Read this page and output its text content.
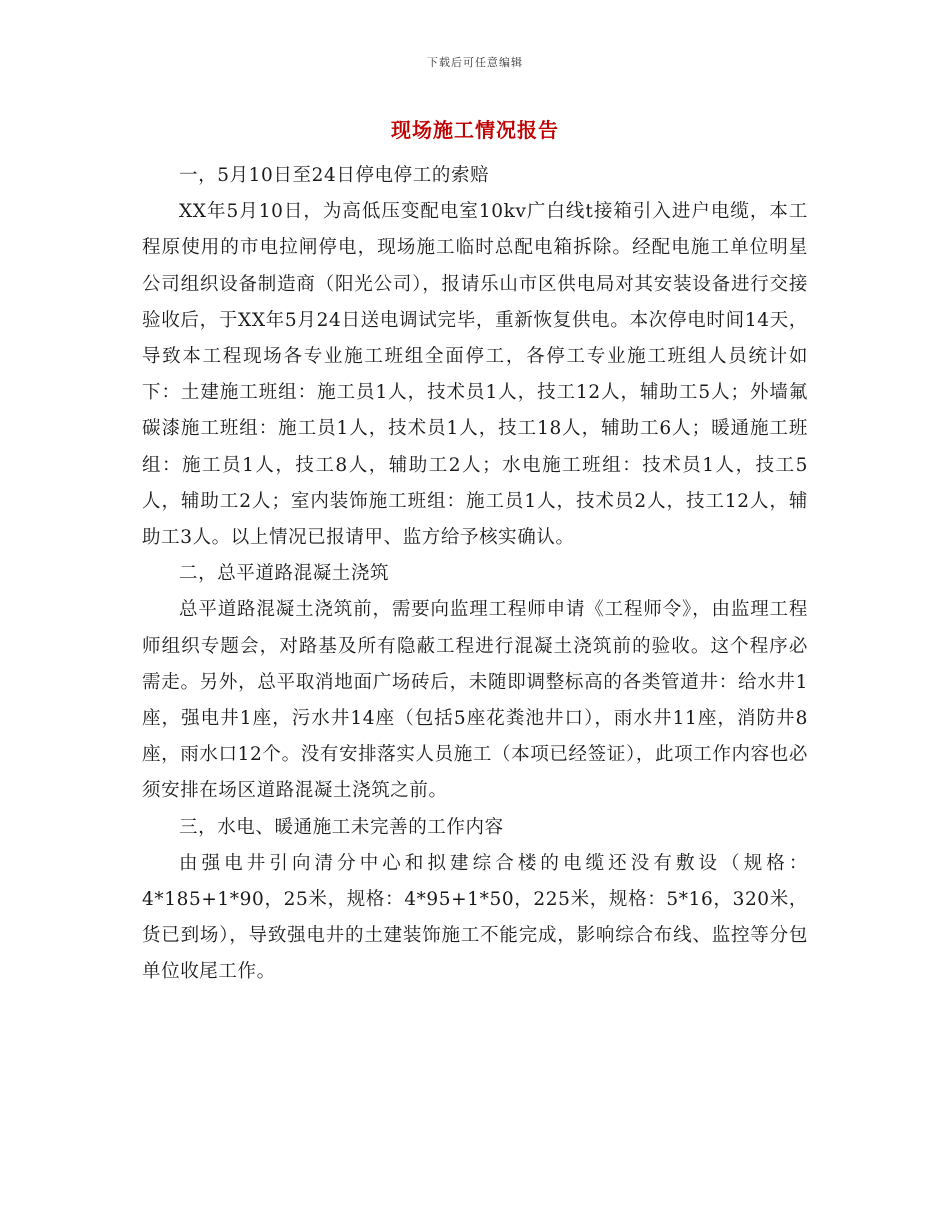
下载后可任意编辑
现场施工情况报告

一，5月10日至24日停电停工的索赔

XX年5月10日，为高低压变配电室10kv广白线t接箱引入进户电缆，本工程原使用的市电拉闸停电，现场施工临时总配电箱拆除。经配电施工单位明星公司组织设备制造商（阳光公司），报请乐山市区供电局对其安装设备进行交接验收后，于XX年5月24日送电调试完毕，重新恢复供电。本次停电时间14天，导致本工程现场各专业施工班组全面停工，各停工专业施工班组人员统计如下：土建施工班组：施工员1人，技术员1人，技工12人，辅助工5人；外墙氟碳漆施工班组：施工员1人，技术员1人，技工18人，辅助工6人；暖通施工班组：施工员1人，技工8人，辅助工2人；水电施工班组：技术员1人，技工5人，辅助工2人；室内装饰施工班组：施工员1人，技术员2人，技工12人，辅助工3人。以上情况已报请甲、监方给予核实确认。

二，总平道路混凝土浇筑

总平道路混凝土浇筑前，需要向监理工程师申请《工程师令》，由监理工程师组织专题会，对路基及所有隐蔽工程进行混凝土浇筑前的验收。这个程序必需走。另外，总平取消地面广场砖后，未随即调整标高的各类管道井：给水井1座，强电井1座，污水井14座（包括5座花粪池井口），雨水井11座，消防井8座，雨水口12个。没有安排落实人员施工（本项已经签证），此项工作内容也必须安排在场区道路混凝土浇筑之前。

三，水电、暖通施工未完善的工作内容

由强电井引向清分中心和拟建综合楼的电缆还没有敷设（规格：4*185+1*90，25米，规格：4*95+1*50，225米，规格：5*16，320米，货已到场），导致强电井的土建装饰施工不能完成，影响综合布线、监控等分包单位收尾工作。
